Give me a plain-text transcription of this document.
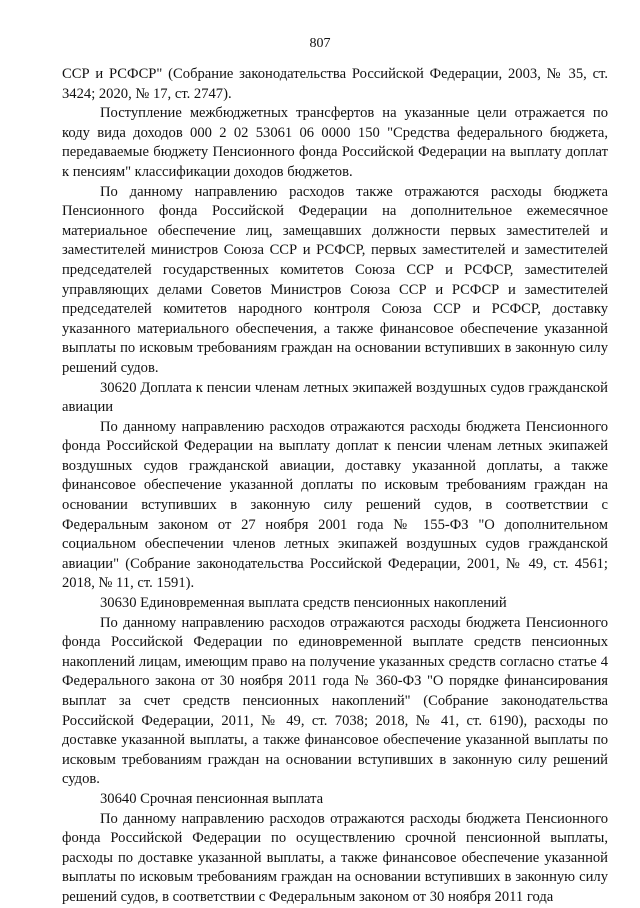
807

ССР и РСФСР" (Собрание законодательства Российской Федерации, 2003, № 35, ст. 3424; 2020, № 17, ст. 2747).

Поступление межбюджетных трансфертов на указанные цели отражается по коду вида доходов 000 2 02 53061 06 0000 150 "Средства федерального бюджета, передаваемые бюджету Пенсионного фонда Российской Федерации на выплату доплат к пенсиям" классификации доходов бюджетов.

По данному направлению расходов также отражаются расходы бюджета Пенсионного фонда Российской Федерации на дополнительное ежемесячное материальное обеспечение лиц, замещавших должности первых заместителей и заместителей министров Союза ССР и РСФСР, первых заместителей и заместителей председателей государственных комитетов Союза ССР и РСФСР, заместителей управляющих делами Советов Министров Союза ССР и РСФСР и заместителей председателей комитетов народного контроля Союза ССР и РСФСР, доставку указанного материального обеспечения, а также финансовое обеспечение указанной выплаты по исковым требованиям граждан на основании вступивших в законную силу решений судов.

30620 Доплата к пенсии членам летных экипажей воздушных судов гражданской авиации

По данному направлению расходов отражаются расходы бюджета Пенсионного фонда Российской Федерации на выплату доплат к пенсии членам летных экипажей воздушных судов гражданской авиации, доставку указанной доплаты, а также финансовое обеспечение указанной доплаты по исковым требованиям граждан на основании вступивших в законную силу решений судов, в соответствии с Федеральным законом от 27 ноября 2001 года № 155-ФЗ "О дополнительном социальном обеспечении членов летных экипажей воздушных судов гражданской авиации" (Собрание законодательства Российской Федерации, 2001, № 49, ст. 4561; 2018, № 11, ст. 1591).

30630 Единовременная выплата средств пенсионных накоплений

По данному направлению расходов отражаются расходы бюджета Пенсионного фонда Российской Федерации по единовременной выплате средств пенсионных накоплений лицам, имеющим право на получение указанных средств согласно статье 4 Федерального закона от 30 ноября 2011 года № 360-ФЗ "О порядке финансирования выплат за счет средств пенсионных накоплений" (Собрание законодательства Российской Федерации, 2011, № 49, ст. 7038; 2018, № 41, ст. 6190), расходы по доставке указанной выплаты, а также финансовое обеспечение указанной выплаты по исковым требованиям граждан на основании вступивших в законную силу решений судов.

30640 Срочная пенсионная выплата

По данному направлению расходов отражаются расходы бюджета Пенсионного фонда Российской Федерации по осуществлению срочной пенсионной выплаты, расходы по доставке указанной выплаты, а также финансовое обеспечение указанной выплаты по исковым требованиям граждан на основании вступивших в законную силу решений судов, в соответствии с Федеральным законом от 30 ноября 2011 года
